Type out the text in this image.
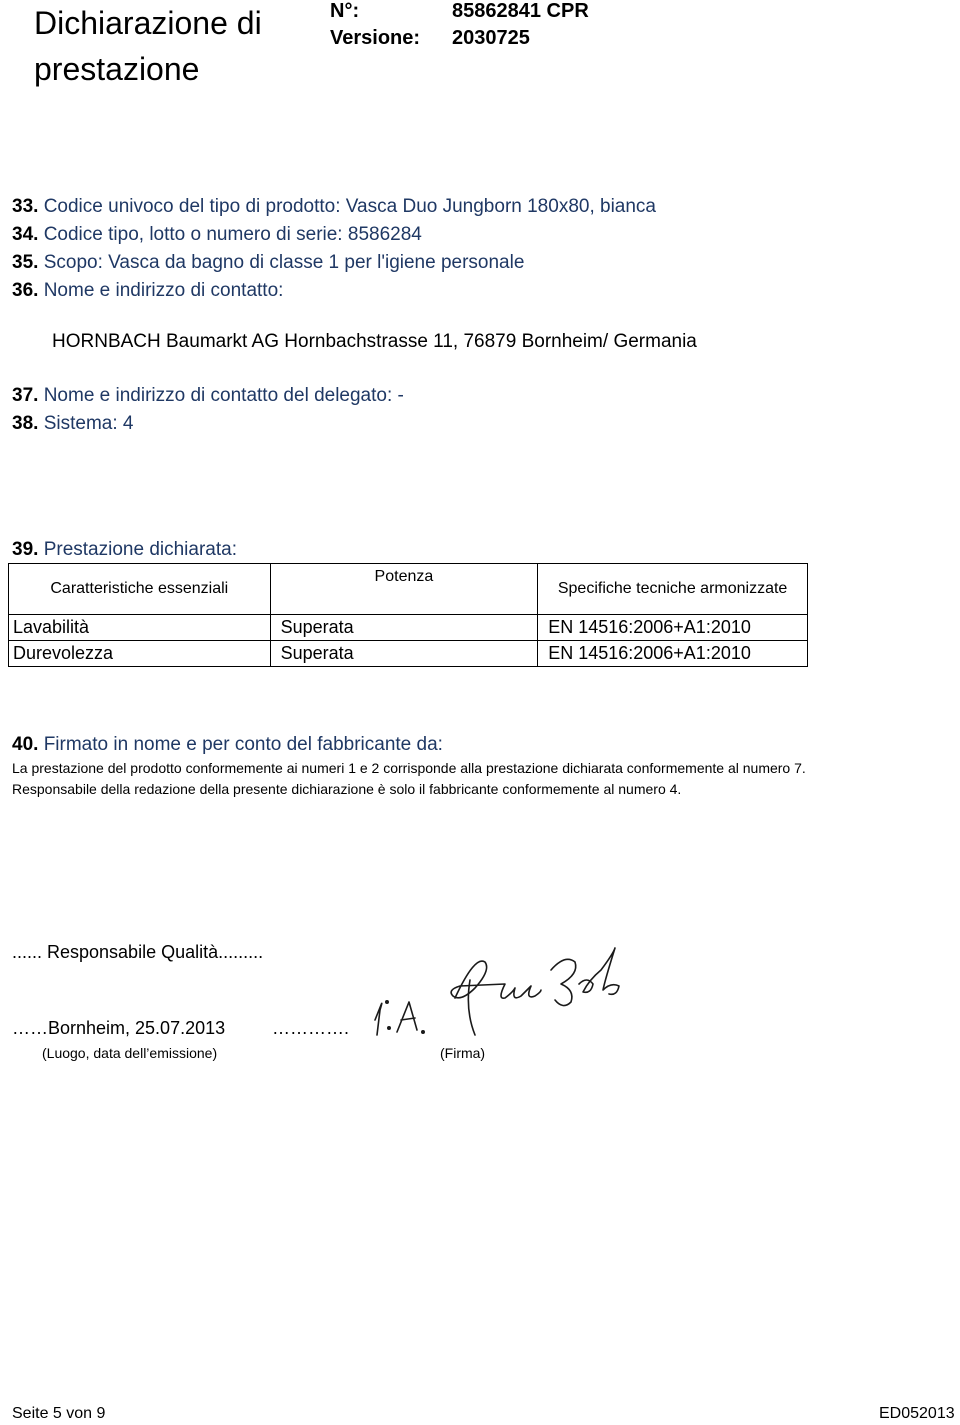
Dichiarazione di prestazione
N°:	85862841 CPR
Versione: 2030725
33. Codice univoco del tipo di prodotto: Vasca Duo Jungborn 180x80, bianca
34. Codice tipo, lotto o numero di serie: 8586284
35. Scopo: Vasca da bagno di classe 1 per l'igiene personale
36. Nome e indirizzo di contatto:
HORNBACH Baumarkt AG Hornbachstrasse 11, 76879 Bornheim/ Germania
37. Nome e indirizzo di contatto del delegato: -
38. Sistema: 4
39. Prestazione dichiarata:
Caratteristiche essenziali	Potenza	Specifiche tecniche armonizzate
Lavabilità	Superata	EN 14516:2006+A1:2010
Durevolezza	Superata	EN 14516:2006+A1:2010
40. Firmato in nome e per conto del fabbricante da:
La prestazione del prodotto conformemente ai numeri 1 e 2 corrisponde alla prestazione dichiarata conformemente al numero 7.
Responsabile della redazione della presente dichiarazione è solo il fabbricante conformemente al numero 4.
...... Responsabile Qualità.........
……Bornheim, 25.07.2013	………….
(Luogo, data dell’emissione)	(Firma)
Seite 5 von 9	ED052013
